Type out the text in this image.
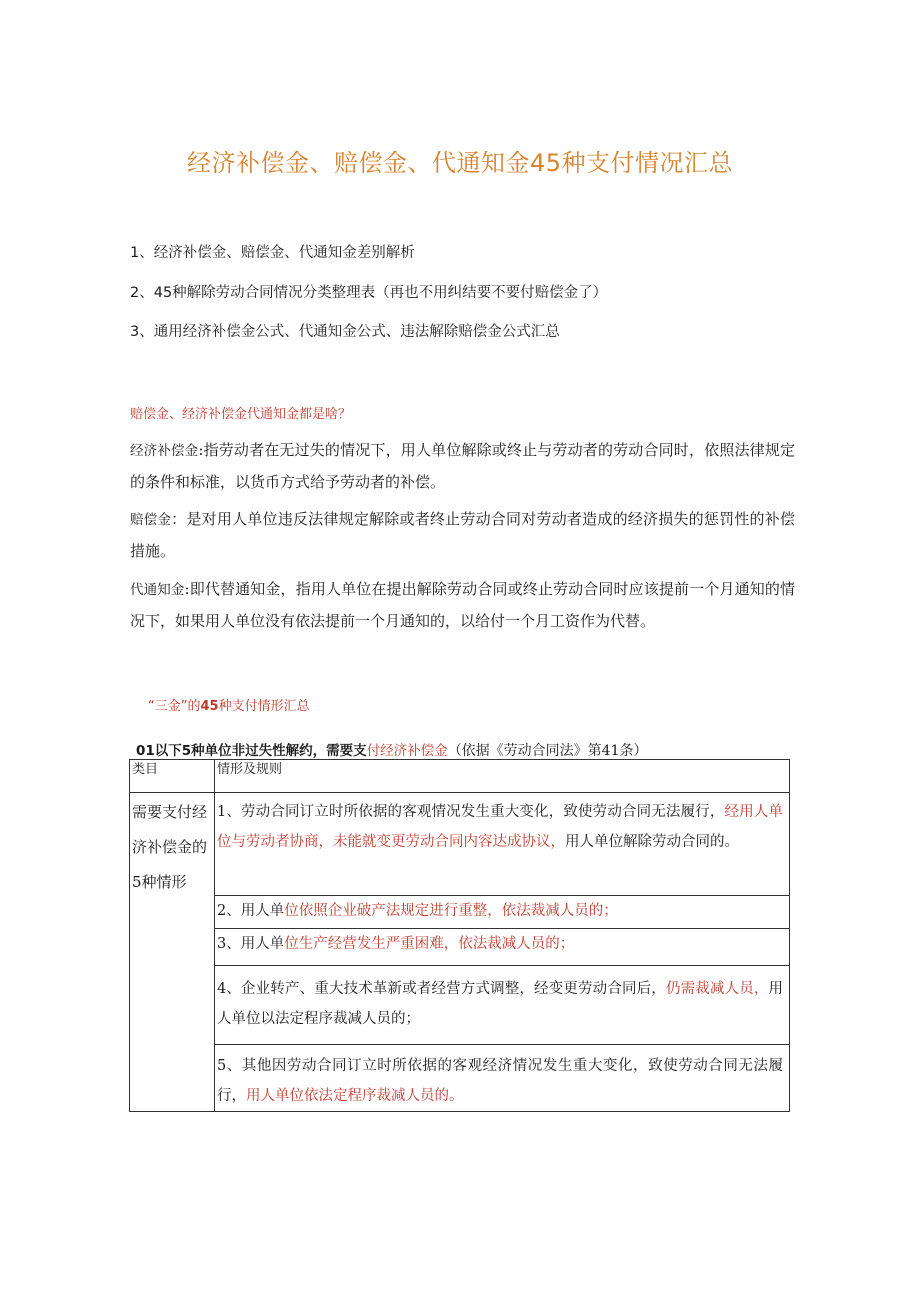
经济补偿金、赔偿金、代通知金45种支付情况汇总
1、经济补偿金、赔偿金、代通知金差别解析
2、45种解除劳动合同情况分类整理表（再也不用纠结要不要付赔偿金了）
3、通用经济补偿金公式、代通知金公式、违法解除赔偿金公式汇总
赔偿金、经济补偿金代通知金都是啥？
经济补偿金:指劳动者在无过失的情况下，用人单位解除或终止与劳动者的劳动合同时，依照法律规定的条件和标准，以货币方式给予劳动者的补偿。
赔偿金：是对用人单位违反法律规定解除或者终止劳动合同对劳动者造成的经济损失的惩罚性的补偿措施。
代通知金:即代替通知金，指用人单位在提出解除劳动合同或终止劳动合同时应该提前一个月通知的情况下，如果用人单位没有依法提前一个月通知的，以给付一个月工资作为代替。
“三金”的45种支付情形汇总
01以下5种单位非过失性解约，需要支付经济补偿金（依据《劳动合同法》第41条）
类目	情形及规则
需要支付经济补偿金的5种情形	1、劳动合同订立时所依据的客观情况发生重大变化，致使劳动合同无法履行，经用人单位与劳动者协商，未能就变更劳动合同内容达成协议，用人单位解除劳动合同的。
	2、用人单位依照企业破产法规定进行重整，依法裁减人员的；
	3、用人单位生产经营发生严重困难，依法裁减人员的；
	4、企业转产、重大技术革新或者经营方式调整，经变更劳动合同后，仍需裁减人员，用人单位以法定程序裁减人员的；
	5、其他因劳动合同订立时所依据的客观经济情况发生重大变化，致使劳动合同无法履行，用人单位依法定程序裁减人员的。
